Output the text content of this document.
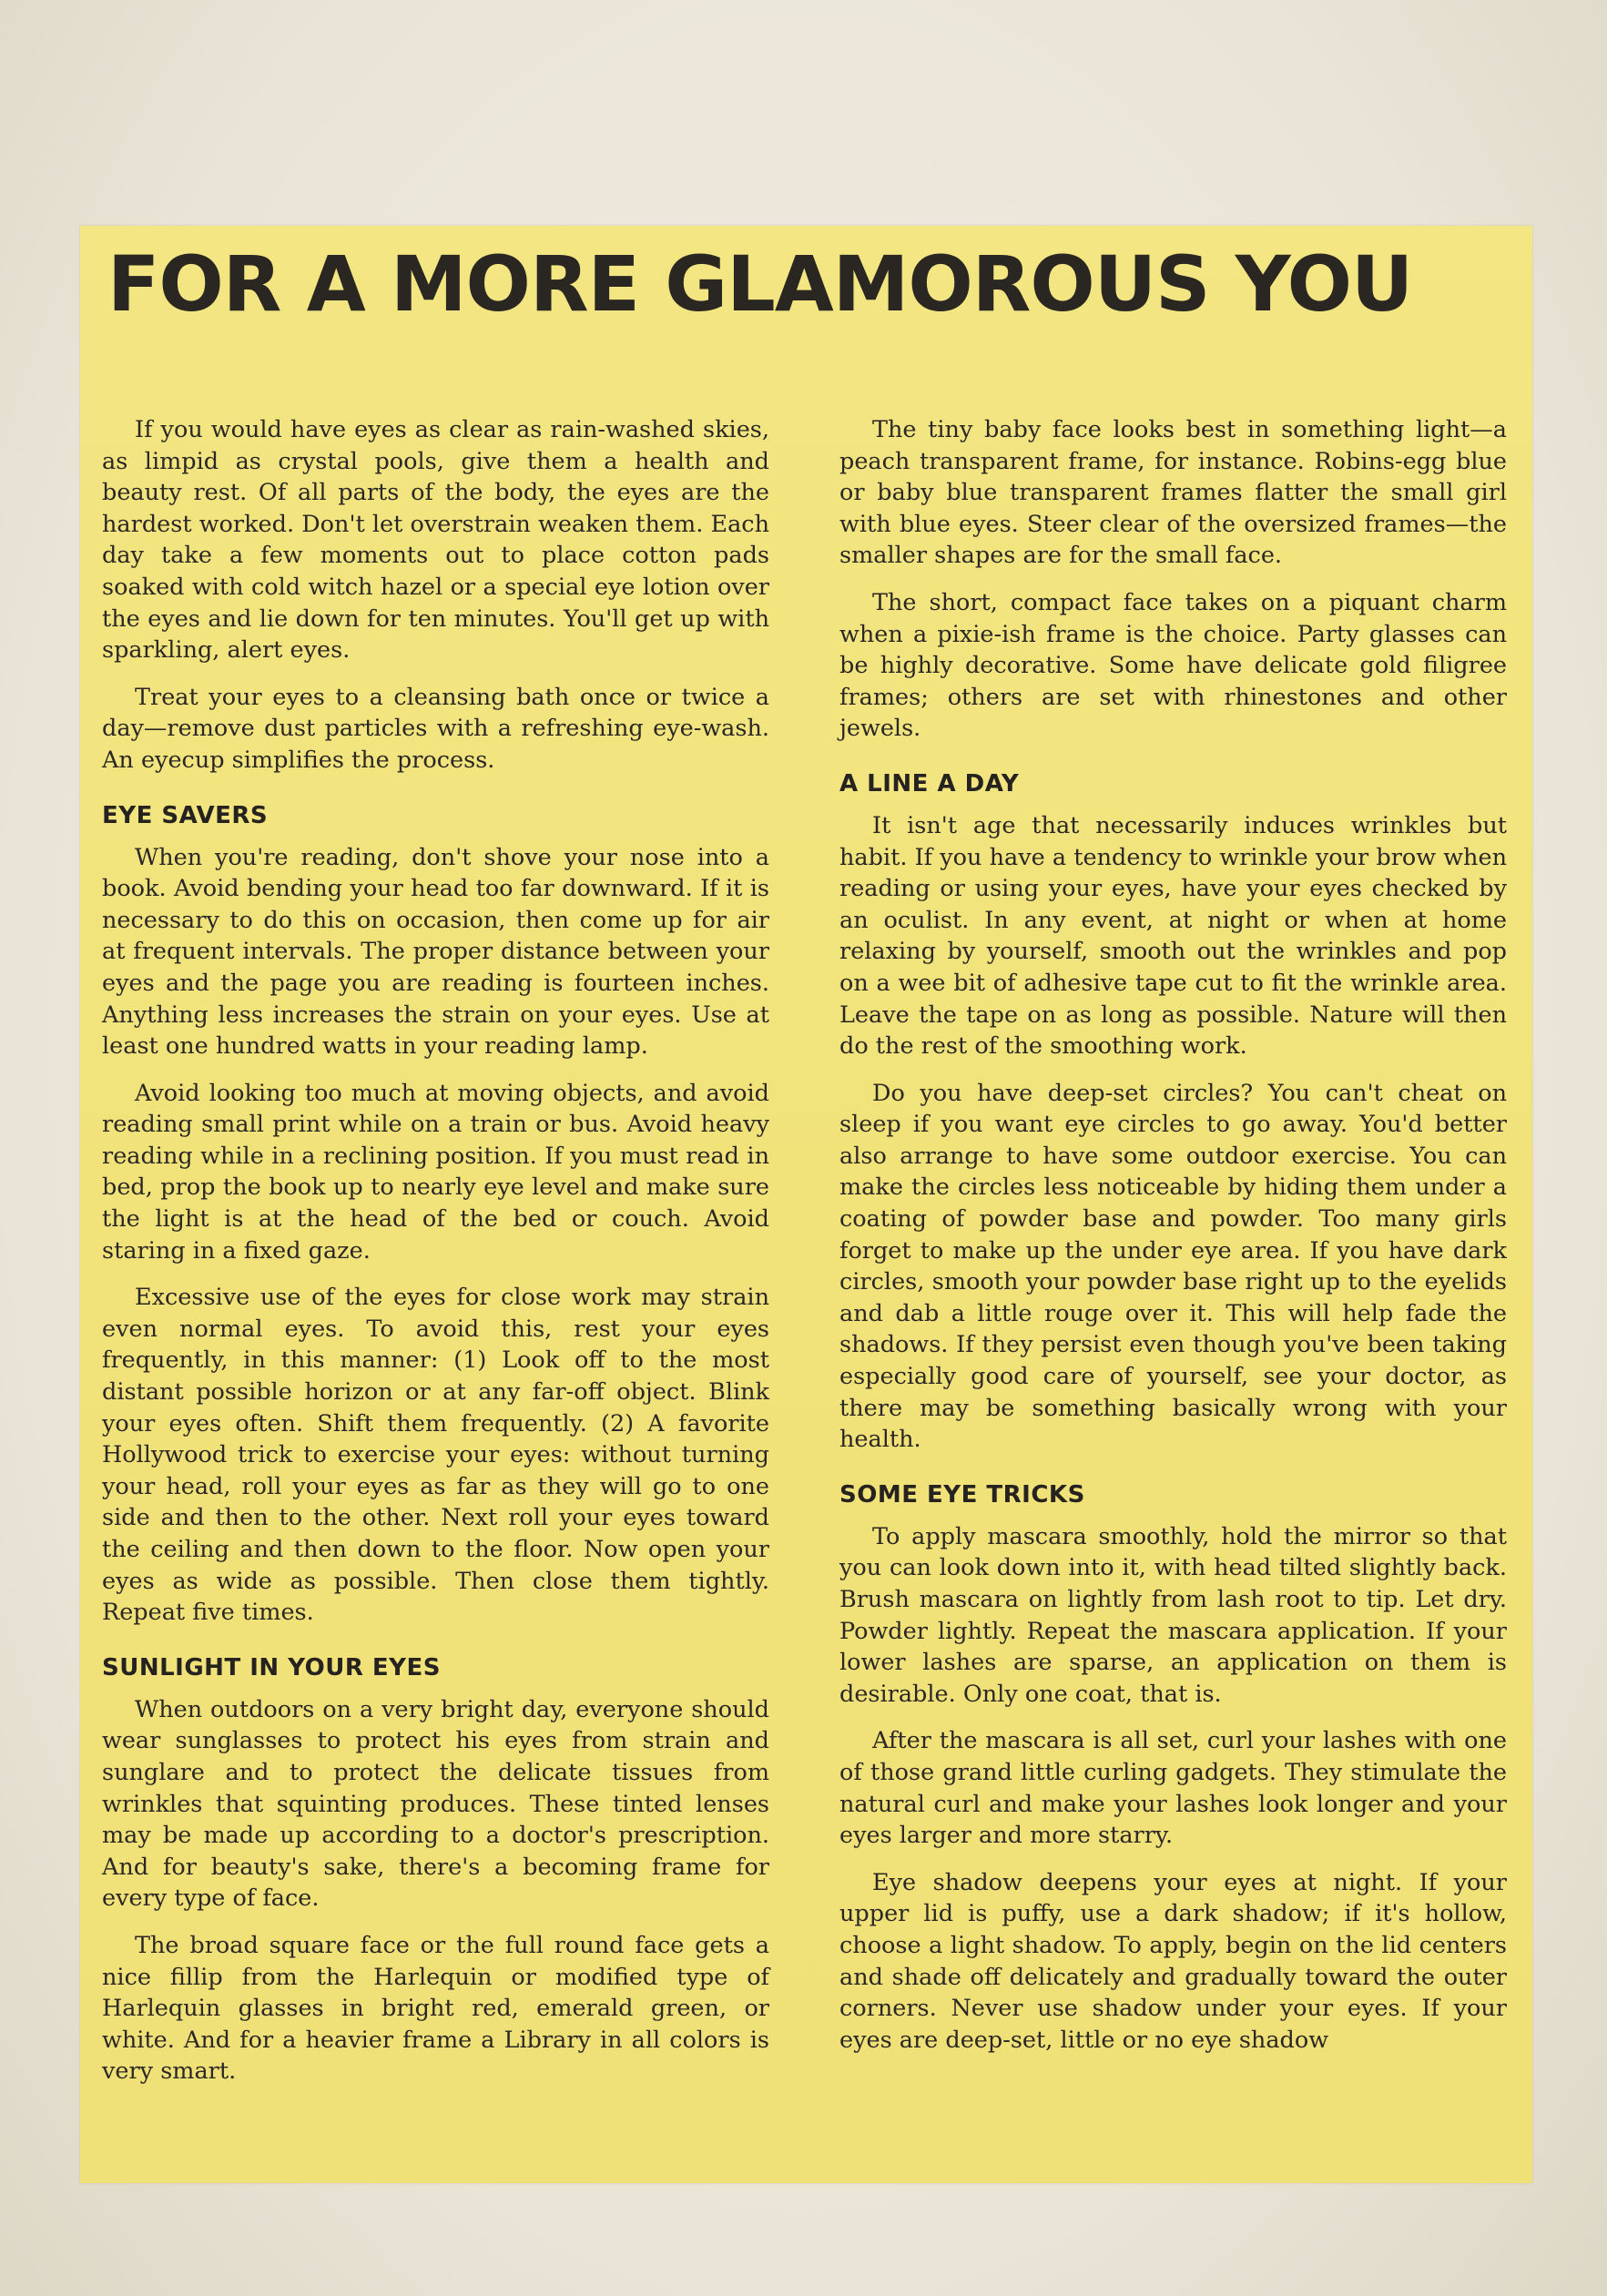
FOR A MORE GLAMOROUS YOU

If you would have eyes as clear as rain-washed skies, as limpid as crystal pools, give them a health and beauty rest. Of all parts of the body, the eyes are the hardest worked. Don't let overstrain weaken them. Each day take a few moments out to place cotton pads soaked with cold witch hazel or a special eye lotion over the eyes and lie down for ten minutes. You'll get up with sparkling, alert eyes.

Treat your eyes to a cleansing bath once or twice a day—remove dust particles with a refreshing eye-wash. An eyecup simplifies the process.

EYE SAVERS

When you're reading, don't shove your nose into a book. Avoid bending your head too far downward. If it is necessary to do this on occasion, then come up for air at frequent intervals. The proper distance between your eyes and the page you are reading is fourteen inches. Anything less increases the strain on your eyes. Use at least one hundred watts in your reading lamp.

Avoid looking too much at moving objects, and avoid reading small print while on a train or bus. Avoid heavy reading while in a reclining position. If you must read in bed, prop the book up to nearly eye level and make sure the light is at the head of the bed or couch. Avoid staring in a fixed gaze.

Excessive use of the eyes for close work may strain even normal eyes. To avoid this, rest your eyes frequently, in this manner: (1) Look off to the most distant possible horizon or at any far-off object. Blink your eyes often. Shift them frequently. (2) A favorite Hollywood trick to exercise your eyes: without turning your head, roll your eyes as far as they will go to one side and then to the other. Next roll your eyes toward the ceiling and then down to the floor. Now open your eyes as wide as possible. Then close them tightly. Repeat five times.

SUNLIGHT IN YOUR EYES

When outdoors on a very bright day, everyone should wear sunglasses to protect his eyes from strain and sunglare and to protect the delicate tissues from wrinkles that squinting produces. These tinted lenses may be made up according to a doctor's prescription. And for beauty's sake, there's a becoming frame for every type of face.

The broad square face or the full round face gets a nice fillip from the Harlequin or modified type of Harlequin glasses in bright red, emerald green, or white. And for a heavier frame a Library in all colors is very smart.

The tiny baby face looks best in something light—a peach transparent frame, for instance. Robins-egg blue or baby blue transparent frames flatter the small girl with blue eyes. Steer clear of the oversized frames—the smaller shapes are for the small face.

The short, compact face takes on a piquant charm when a pixie-ish frame is the choice. Party glasses can be highly decorative. Some have delicate gold filigree frames; others are set with rhinestones and other jewels.

A LINE A DAY

It isn't age that necessarily induces wrinkles but habit. If you have a tendency to wrinkle your brow when reading or using your eyes, have your eyes checked by an oculist. In any event, at night or when at home relaxing by yourself, smooth out the wrinkles and pop on a wee bit of adhesive tape cut to fit the wrinkle area. Leave the tape on as long as possible. Nature will then do the rest of the smoothing work.

Do you have deep-set circles? You can't cheat on sleep if you want eye circles to go away. You'd better also arrange to have some outdoor exercise. You can make the circles less noticeable by hiding them under a coating of powder base and powder. Too many girls forget to make up the under eye area. If you have dark circles, smooth your powder base right up to the eyelids and dab a little rouge over it. This will help fade the shadows. If they persist even though you've been taking especially good care of yourself, see your doctor, as there may be something basically wrong with your health.

SOME EYE TRICKS

To apply mascara smoothly, hold the mirror so that you can look down into it, with head tilted slightly back. Brush mascara on lightly from lash root to tip. Let dry. Powder lightly. Repeat the mascara application. If your lower lashes are sparse, an application on them is desirable. Only one coat, that is.

After the mascara is all set, curl your lashes with one of those grand little curling gadgets. They stimulate the natural curl and make your lashes look longer and your eyes larger and more starry.

Eye shadow deepens your eyes at night. If your upper lid is puffy, use a dark shadow; if it's hollow, choose a light shadow. To apply, begin on the lid centers and shade off delicately and gradually toward the outer corners. Never use shadow under your eyes. If your eyes are deep-set, little or no eye shadow
